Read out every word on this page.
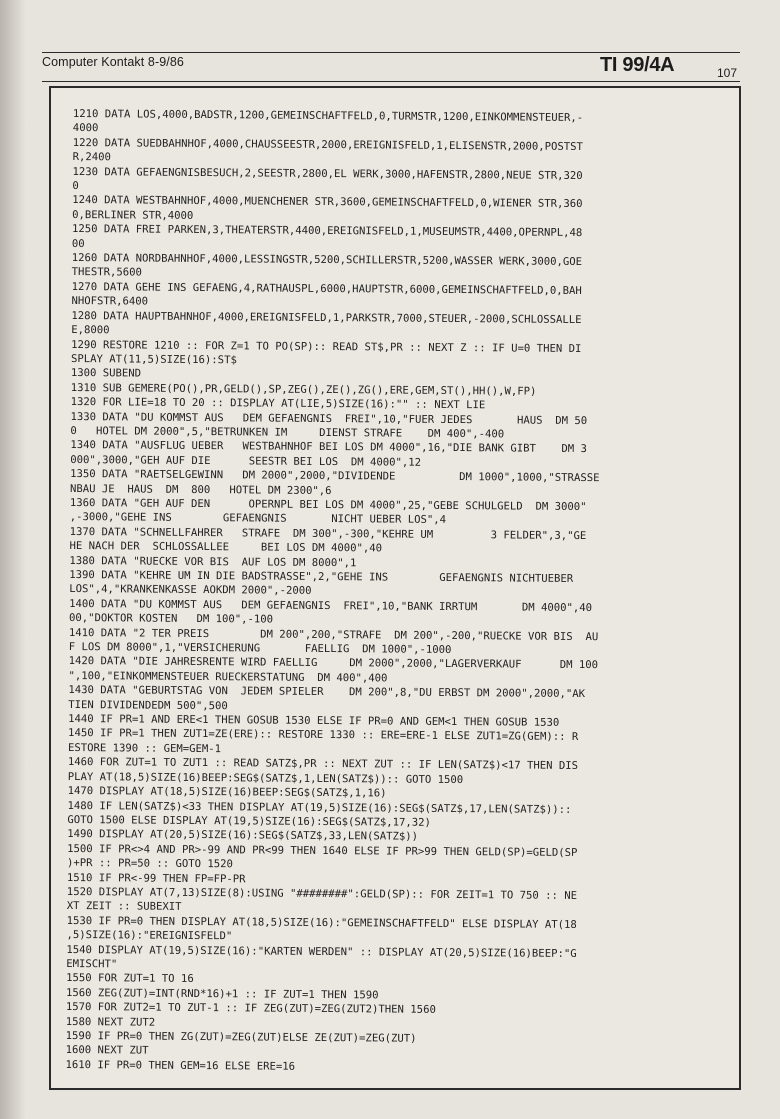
Computer Kontakt 8-9/86	TI 99/4A	107
1210 DATA LOS,4000,BADSTR,1200,GEMEINSCHAFTFELD,0,TURMSTR,1200,EINKOMMENSTEUER,-
4000
1220 DATA SUEDBAHNHOF,4000,CHAUSSEESTR,2000,EREIGNISFELD,1,ELISENSTR,2000,POSTST
R,2400
1230 DATA GEFAENGNISBESUCH,2,SEESTR,2800,EL WERK,3000,HAFENSTR,2800,NEUE STR,320
0
1240 DATA WESTBAHNHOF,4000,MUENCHENER STR,3600,GEMEINSCHAFTFELD,0,WIENER STR,360
0,BERLINER STR,4000
1250 DATA FREI PARKEN,3,THEATERSTR,4400,EREIGNISFELD,1,MUSEUMSTR,4400,OPERNPL,48
00
1260 DATA NORDBAHNHOF,4000,LESSINGSTR,5200,SCHILLERSTR,5200,WASSER WERK,3000,GOE
THESTR,5600
1270 DATA GEHE INS GEFAENG,4,RATHAUSPL,6000,HAUPTSTR,6000,GEMEINSCHAFTFELD,0,BAH
NHOFSTR,6400
1280 DATA HAUPTBAHNHOF,4000,EREIGNISFELD,1,PARKSTR,7000,STEUER,-2000,SCHLOSSALLE
E,8000
1290 RESTORE 1210 :: FOR Z=1 TO PO(SP):: READ ST$,PR :: NEXT Z :: IF U=0 THEN DI
SPLAY AT(11,5)SIZE(16):ST$
1300 SUBEND
1310 SUB GEMERE(PO(),PR,GELD(),SP,ZEG(),ZE(),ZG(),ERE,GEM,ST(),HH(),W,FP)
1320 FOR LIE=18 TO 20 :: DISPLAY AT(LIE,5)SIZE(16):"" :: NEXT LIE
1330 DATA "DU KOMMST AUS   DEM GEFAENGNIS  FREI",10,"FUER JEDES       HAUS  DM 50
0   HOTEL DM 2000",5,"BETRUNKEN IM     DIENST STRAFE    DM 400",-400
1340 DATA "AUSFLUG UEBER   WESTBAHNHOF BEI LOS DM 4000",16,"DIE BANK GIBT    DM 3
000",3000,"GEH AUF DIE      SEESTR BEI LOS  DM 4000",12
1350 DATA "RAETSELGEWINN   DM 2000",2000,"DIVIDENDE          DM 1000",1000,"STRASSE
NBAU JE  HAUS  DM  800   HOTEL DM 2300",6
1360 DATA "GEH AUF DEN      OPERNPL BEI LOS DM 4000",25,"GEBE SCHULGELD  DM 3000"
,-3000,"GEHE INS        GEFAENGNIS       NICHT UEBER LOS",4
1370 DATA "SCHNELLFAHRER   STRAFE  DM 300",-300,"KEHRE UM         3 FELDER",3,"GE
HE NACH DER  SCHLOSSALLEE     BEI LOS DM 4000",40
1380 DATA "RUECKE VOR BIS  AUF LOS DM 8000",1
1390 DATA "KEHRE UM IN DIE BADSTRASSE",2,"GEHE INS        GEFAENGNIS NICHTUEBER
LOS",4,"KRANKENKASSE AOKDM 2000",-2000
1400 DATA "DU KOMMST AUS   DEM GEFAENGNIS  FREI",10,"BANK IRRTUM       DM 4000",40
00,"DOKTOR KOSTEN   DM 100",-100
1410 DATA "2 TER PREIS        DM 200",200,"STRAFE  DM 200",-200,"RUECKE VOR BIS  AU
F LOS DM 8000",1,"VERSICHERUNG       FAELLIG  DM 1000",-1000
1420 DATA "DIE JAHRESRENTE WIRD FAELLIG     DM 2000",2000,"LAGERVERKAUF      DM 100
",100,"EINKOMMENSTEUER RUECKERSTATUNG  DM 400",400
1430 DATA "GEBURTSTAG VON  JEDEM SPIELER    DM 200",8,"DU ERBST DM 2000",2000,"AK
TIEN DIVIDENDEDM 500",500
1440 IF PR=1 AND ERE<1 THEN GOSUB 1530 ELSE IF PR=0 AND GEM<1 THEN GOSUB 1530
1450 IF PR=1 THEN ZUT1=ZE(ERE):: RESTORE 1330 :: ERE=ERE-1 ELSE ZUT1=ZG(GEM):: R
ESTORE 1390 :: GEM=GEM-1
1460 FOR ZUT=1 TO ZUT1 :: READ SATZ$,PR :: NEXT ZUT :: IF LEN(SATZ$)<17 THEN DIS
PLAY AT(18,5)SIZE(16)BEEP:SEG$(SATZ$,1,LEN(SATZ$)):: GOTO 1500
1470 DISPLAY AT(18,5)SIZE(16)BEEP:SEG$(SATZ$,1,16)
1480 IF LEN(SATZ$)<33 THEN DISPLAY AT(19,5)SIZE(16):SEG$(SATZ$,17,LEN(SATZ$))::
GOTO 1500 ELSE DISPLAY AT(19,5)SIZE(16):SEG$(SATZ$,17,32)
1490 DISPLAY AT(20,5)SIZE(16):SEG$(SATZ$,33,LEN(SATZ$))
1500 IF PR<>4 AND PR>-99 AND PR<99 THEN 1640 ELSE IF PR>99 THEN GELD(SP)=GELD(SP
)+PR :: PR=50 :: GOTO 1520
1510 IF PR<-99 THEN FP=FP-PR
1520 DISPLAY AT(7,13)SIZE(8):USING "########":GELD(SP):: FOR ZEIT=1 TO 750 :: NE
XT ZEIT :: SUBEXIT
1530 IF PR=0 THEN DISPLAY AT(18,5)SIZE(16):"GEMEINSCHAFTFELD" ELSE DISPLAY AT(18
,5)SIZE(16):"EREIGNISFELD"
1540 DISPLAY AT(19,5)SIZE(16):"KARTEN WERDEN" :: DISPLAY AT(20,5)SIZE(16)BEEP:"G
EMISCHT"
1550 FOR ZUT=1 TO 16
1560 ZEG(ZUT)=INT(RND*16)+1 :: IF ZUT=1 THEN 1590
1570 FOR ZUT2=1 TO ZUT-1 :: IF ZEG(ZUT)=ZEG(ZUT2)THEN 1560
1580 NEXT ZUT2
1590 IF PR=0 THEN ZG(ZUT)=ZEG(ZUT)ELSE ZE(ZUT)=ZEG(ZUT)
1600 NEXT ZUT
1610 IF PR=0 THEN GEM=16 ELSE ERE=16
